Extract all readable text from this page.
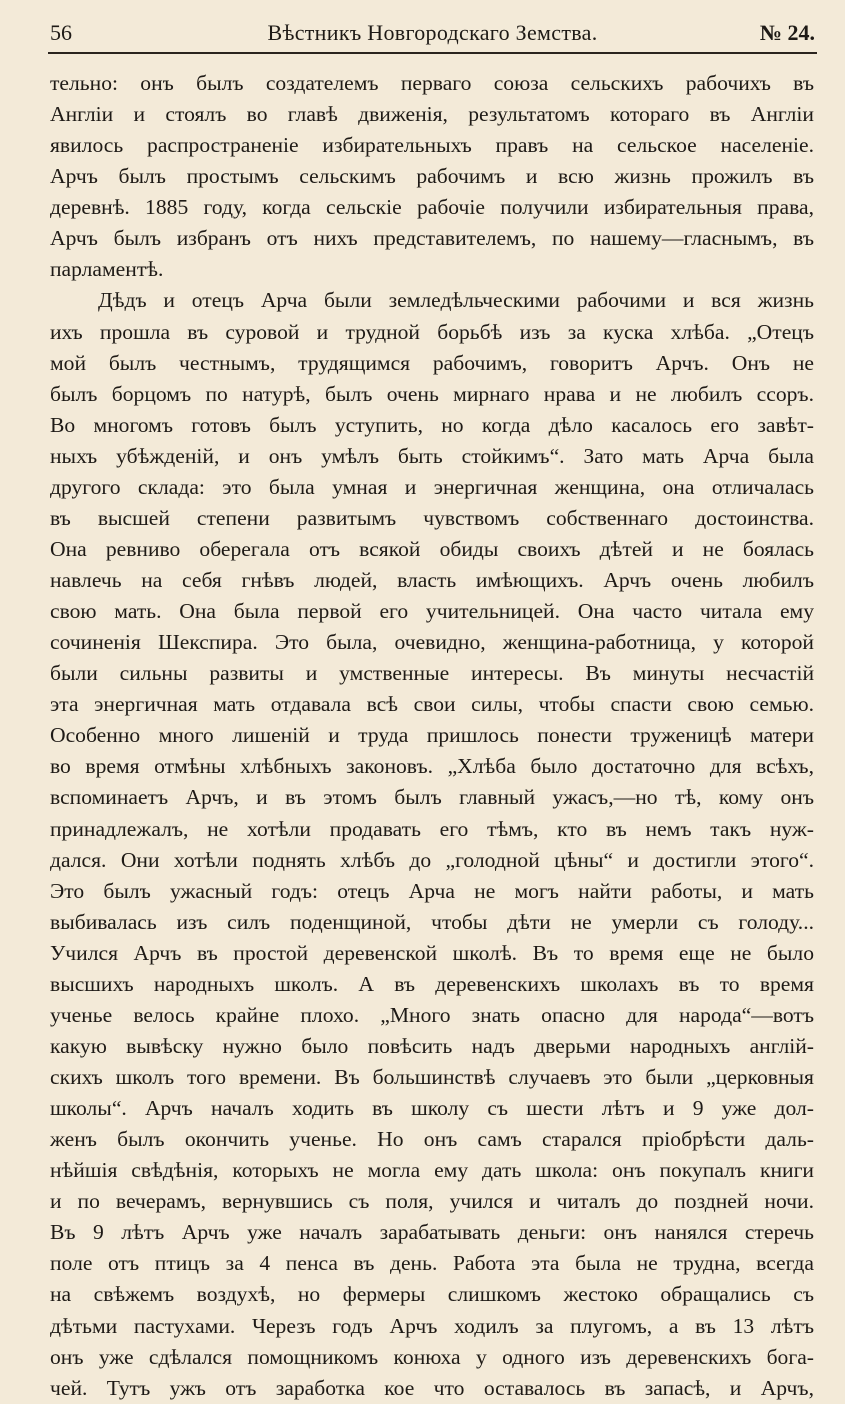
56	Вѣстникъ Новгородскаго Земства.	№ 24.
тельно: онъ былъ создателемъ перваго союза сельскихъ рабочихъ въ
Англіи и стоялъ во главѣ движенія, результатомъ котораго въ Англіи
явилось распространеніе избирательныхъ правъ на сельское населеніе.
Арчъ былъ простымъ сельскимъ рабочимъ и всю жизнь прожилъ въ
деревнѣ. 1885 году, когда сельскіе рабочіе получили избирательныя права,
Арчъ былъ избранъ отъ нихъ представителемъ, по нашему—гласнымъ, въ
парламентѣ.
Дѣдъ и отецъ Арча были земледѣльческими рабочими и вся жизнь
ихъ прошла въ суровой и трудной борьбѣ изъ за куска хлѣба. „Отецъ
мой былъ честнымъ, трудящимся рабочимъ, говоритъ Арчъ. Онъ не
былъ борцомъ по натурѣ, былъ очень мирнаго нрава и не любилъ ссоръ.
Во многомъ готовъ былъ уступить, но когда дѣло касалось его завѣт-
ныхъ убѣжденій, и онъ умѣлъ быть стойкимъ“. Зато мать Арча была
другого склада: это была умная и энергичная женщина, она отличалась
въ высшей степени развитымъ чувствомъ собственнаго достоинства.
Она ревниво оберегала отъ всякой обиды своихъ дѣтей и не боялась
навлечь на себя гнѣвъ людей, власть имѣющихъ. Арчъ очень любилъ
свою мать. Она была первой его учительницей. Она часто читала ему
сочиненія Шекспира. Это была, очевидно, женщина-работница, у которой
были сильны развиты и умственные интересы. Въ минуты несчастій
эта энергичная мать отдавала всѣ свои силы, чтобы спасти свою семью.
Особенно много лишеній и труда пришлось понести труженицѣ матери
во время отмѣны хлѣбныхъ законовъ. „Хлѣба было достаточно для всѣхъ,
вспоминаетъ Арчъ, и въ этомъ былъ главный ужасъ,—но тѣ, кому онъ
принадлежалъ, не хотѣли продавать его тѣмъ, кто въ немъ такъ нуж-
дался. Они хотѣли поднять хлѣбъ до „голодной цѣны“ и достигли этого“.
Это былъ ужасный годъ: отецъ Арча не могъ найти работы, и мать
выбивалась изъ силъ поденщиной, чтобы дѣти не умерли съ голоду...
Учился Арчъ въ простой деревенской школѣ. Въ то время еще не было
высшихъ народныхъ школъ. А въ деревенскихъ школахъ въ то время
ученье велось крайне плохо. „Много знать опасно для народа“—вотъ
какую вывѣску нужно было повѣсить надъ дверьми народныхъ англій-
скихъ школъ того времени. Въ большинствѣ случаевъ это были „церковныя
школы“. Арчъ началъ ходить въ школу съ шести лѣтъ и 9 уже дол-
женъ былъ окончить ученье. Но онъ самъ старался пріобрѣсти даль-
нѣйшія свѣдѣнія, которыхъ не могла ему дать школа: онъ покупалъ книги
и по вечерамъ, вернувшись съ поля, учился и читалъ до поздней ночи.
Въ 9 лѣтъ Арчъ уже началъ зарабатывать деньги: онъ нанялся стеречь
поле отъ птицъ за 4 пенса въ день. Работа эта была не трудна, всегда
на свѣжемъ воздухѣ, но фермеры слишкомъ жестоко обращались съ
дѣтьми пастухами. Черезъ годъ Арчъ ходилъ за плугомъ, а въ 13 лѣтъ
онъ уже сдѣлался помощникомъ конюха у одного изъ деревенскихъ бога-
чей. Тутъ ужъ отъ заработка кое что оставалось въ запасѣ, и Арчъ,
